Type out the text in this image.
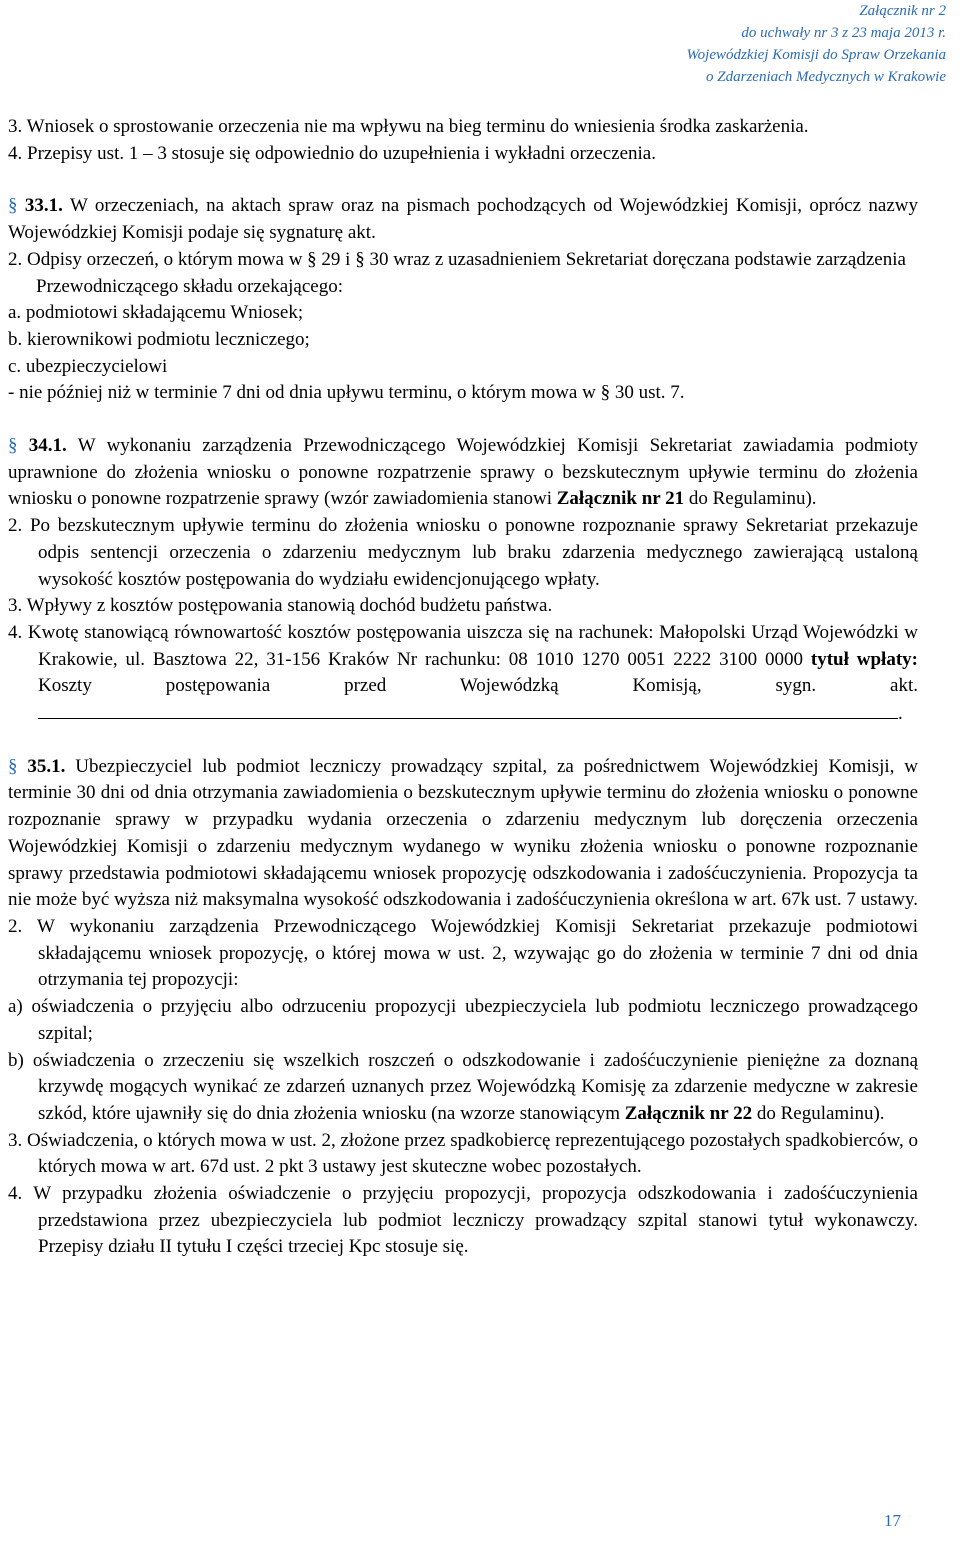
Załącznik nr 2
do uchwały nr 3 z 23 maja 2013 r.
Wojewódzkiej Komisji do Spraw Orzekania
o Zdarzeniach Medycznych w Krakowie
3. Wniosek o sprostowanie orzeczenia nie ma wpływu na bieg terminu do wniesienia środka zaskarżenia.
4. Przepisy ust. 1 – 3 stosuje się odpowiednio do uzupełnienia i wykładni orzeczenia.
§ 33.1. W orzeczeniach, na aktach spraw oraz na pismach pochodzących od Wojewódzkiej Komisji, oprócz nazwy Wojewódzkiej Komisji podaje się sygnaturę akt.
2. Odpisy orzeczeń, o którym mowa w § 29 i § 30 wraz z uzasadnieniem Sekretariat doręczana podstawie zarządzenia Przewodniczącego składu orzekającego:
a. podmiotowi składającemu Wniosek;
b. kierownikowi podmiotu leczniczego;
c. ubezpieczycielowi
- nie później niż w terminie 7 dni od dnia upływu terminu, o którym mowa w § 30 ust. 7.
§ 34.1. W wykonaniu zarządzenia Przewodniczącego Wojewódzkiej Komisji Sekretariat zawiadamia podmioty uprawnione do złożenia wniosku o ponowne rozpatrzenie sprawy o bezskutecznym upływie terminu do złożenia wniosku o ponowne rozpatrzenie sprawy (wzór zawiadomienia stanowi Załącznik nr 21 do Regulaminu).
2. Po bezskutecznym upływie terminu do złożenia wniosku o ponowne rozpoznanie sprawy Sekretariat przekazuje odpis sentencji orzeczenia o zdarzeniu medycznym lub braku zdarzenia medycznego zawierającą ustaloną wysokość kosztów postępowania do wydziału ewidencjonującego wpłaty.
3. Wpływy z kosztów postępowania stanowią dochód budżetu państwa.
4. Kwotę stanowiącą równowartość kosztów postępowania uiszcza się na rachunek: Małopolski Urząd Wojewódzki w Krakowie, ul. Basztowa 22, 31-156 Kraków Nr rachunku: 08 1010 1270 0051 2222 3100 0000 tytuł wpłaty: Koszty postępowania przed Wojewódzką Komisją, sygn. akt..
§ 35.1. Ubezpieczyciel lub podmiot leczniczy prowadzący szpital, za pośrednictwem Wojewódzkiej Komisji, w terminie 30 dni od dnia otrzymania zawiadomienia o bezskutecznym upływie terminu do złożenia wniosku o ponowne rozpoznanie sprawy w przypadku wydania orzeczenia o zdarzeniu medycznym lub doręczenia orzeczenia Wojewódzkiej Komisji o zdarzeniu medycznym wydanego w wyniku złożenia wniosku o ponowne rozpoznanie sprawy przedstawia podmiotowi składającemu wniosek propozycję odszkodowania i zadośćuczynienia. Propozycja ta nie może być wyższa niż maksymalna wysokość odszkodowania i zadośćuczynienia określona w art. 67k ust. 7 ustawy.
2. W wykonaniu zarządzenia Przewodniczącego Wojewódzkiej Komisji Sekretariat przekazuje podmiotowi składającemu wniosek propozycję, o której mowa w ust. 2, wzywając go do złożenia w terminie 7 dni od dnia otrzymania tej propozycji:
a) oświadczenia o przyjęciu albo odrzuceniu propozycji ubezpieczyciela lub podmiotu leczniczego prowadzącego szpital;
b) oświadczenia o zrzeczeniu się wszelkich roszczeń o odszkodowanie i zadośćuczynienie pieniężne za doznaną krzywdę mogących wynikać ze zdarzeń uznanych przez Wojewódzką Komisję za zdarzenie medyczne w zakresie szkód, które ujawniły się do dnia złożenia wniosku (na wzorze stanowiącym Załącznik nr 22 do Regulaminu).
3. Oświadczenia, o których mowa w ust. 2, złożone przez spadkobiercę reprezentującego pozostałych spadkobierców, o których mowa w art. 67d ust. 2 pkt 3 ustawy jest skuteczne wobec pozostałych.
4. W przypadku złożenia oświadczenie o przyjęciu propozycji, propozycja odszkodowania i zadośćuczynienia przedstawiona przez ubezpieczyciela lub podmiot leczniczy prowadzący szpital stanowi tytuł wykonawczy. Przepisy działu II tytułu I części trzeciej Kpc stosuje się.
17
